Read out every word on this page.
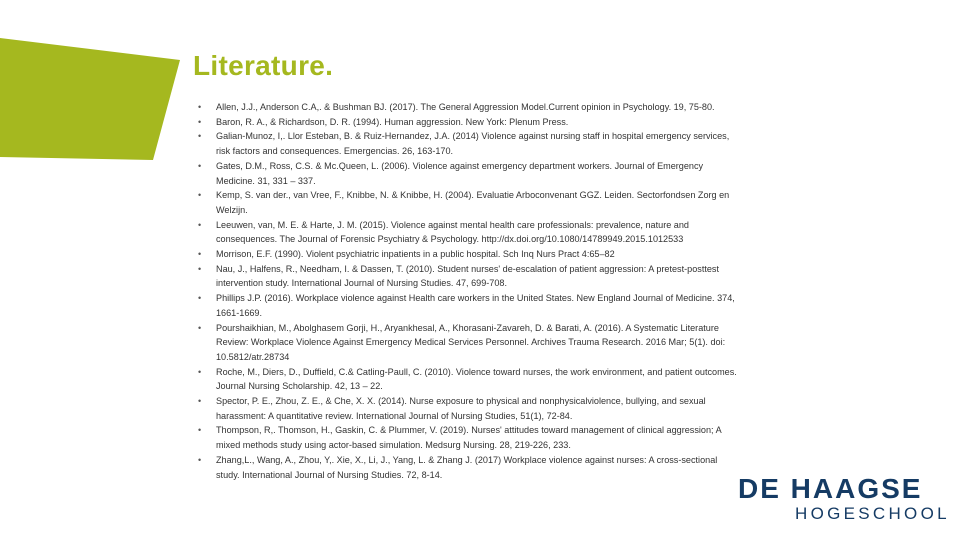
Literature.
• Allen, J.J., Anderson C.A,. & Bushman BJ. (2017). The General Aggression Model.Current opinion in Psychology. 19, 75-80.
• Baron, R. A., & Richardson, D. R. (1994). Human aggression. New York: Plenum Press.
• Galian-Munoz, I,. Llor Esteban, B. & Ruiz-Hernandez, J.A. (2014) Violence against nursing staff in hospital emergency services, risk factors and consequences. Emergencias. 26, 163-170.
• Gates, D.M., Ross, C.S. & Mc.Queen, L. (2006). Violence against emergency department workers. Journal of Emergency Medicine. 31, 331 – 337.
• Kemp, S. van der., van Vree, F., Knibbe, N. & Knibbe, H. (2004). Evaluatie Arboconvenant GGZ. Leiden. Sectorfondsen Zorg en Welzijn.
• Leeuwen, van, M. E. & Harte, J. M. (2015). Violence against mental health care professionals: prevalence, nature and consequences. The Journal of Forensic Psychiatry & Psychology. http://dx.doi.org/10.1080/14789949.2015.1012533
• Morrison, E.F. (1990). Violent psychiatric inpatients in a public hospital. Sch Inq Nurs Pract 4:65–82
• Nau, J., Halfens, R., Needham, I. & Dassen, T. (2010). Student nurses' de-escalation of patient aggression: A pretest-posttest intervention study. International Journal of Nursing Studies. 47, 699-708.
• Phillips J.P. (2016). Workplace violence against Health care workers in the United States. New England Journal of Medicine. 374, 1661-1669.
• Pourshaikhian, M., Abolghasem Gorji, H., Aryankhesal, A., Khorasani-Zavareh, D. & Barati, A. (2016). A Systematic Literature Review: Workplace Violence Against Emergency Medical Services Personnel. Archives Trauma Research. 2016 Mar; 5(1). doi: 10.5812/atr.28734
• Roche, M., Diers, D., Duffield, C.& Catling-Paull, C. (2010). Violence toward nurses, the work environment, and patient outcomes. Journal Nursing Scholarship. 42, 13 – 22.
• Spector, P. E., Zhou, Z. E., & Che, X. X. (2014). Nurse exposure to physical and nonphysicalviolence, bullying, and sexual harassment: A quantitative review. International Journal of Nursing Studies, 51(1), 72-84.
• Thompson, R,. Thomson, H., Gaskin, C. & Plummer, V. (2019). Nurses' attitudes toward management of clinical aggression; A mixed methods study using actor-based simulation. Medsurg Nursing. 28, 219-226, 233.
• Zhang,L., Wang, A., Zhou, Y,. Xie, X., Li, J., Yang, L. & Zhang J. (2017) Workplace violence against nurses: A cross-sectional study. International Journal of Nursing Studies. 72, 8-14.	DE HAAGSE
HOGESCHOOL
